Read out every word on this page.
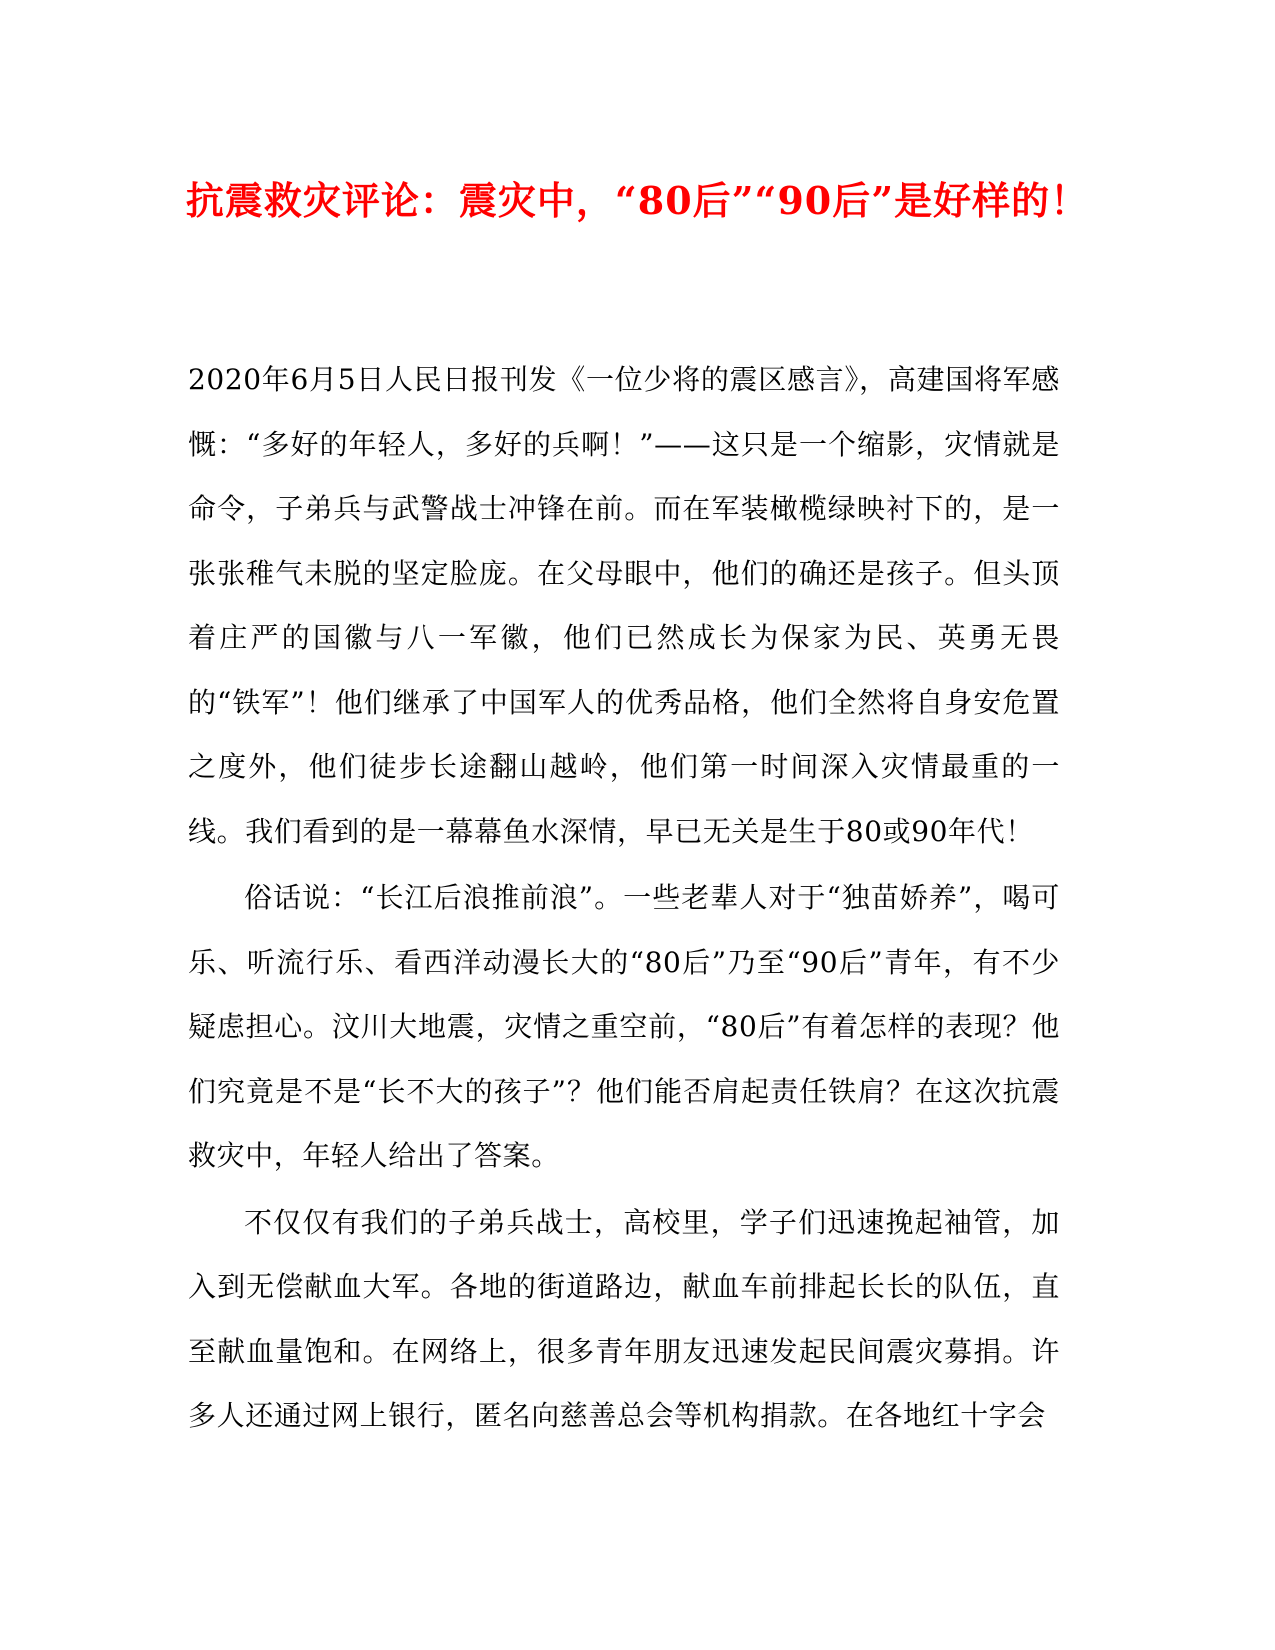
抗震救灾评论：震灾中，“80后”“90后”是好样的！

2020年6月5日人民日报刊发《一位少将的震区感言》，高建国将军感慨：“多好的年轻人，多好的兵啊！”——这只是一个缩影，灾情就是命令，子弟兵与武警战士冲锋在前。而在军装橄榄绿映衬下的，是一张张稚气未脱的坚定脸庞。在父母眼中，他们的确还是孩子。但头顶着庄严的国徽与八一军徽，他们已然成长为保家为民、英勇无畏的“铁军”！他们继承了中国军人的优秀品格，他们全然将自身安危置之度外，他们徒步长途翻山越岭，他们第一时间深入灾情最重的一线。我们看到的是一幕幕鱼水深情，早已无关是生于80或90年代！

俗话说：“长江后浪推前浪”。一些老辈人对于“独苗娇养”，喝可乐、听流行乐、看西洋动漫长大的“80后”乃至“90后”青年，有不少疑虑担心。汶川大地震，灾情之重空前，“80后”有着怎样的表现？他们究竟是不是“长不大的孩子”？他们能否肩起责任铁肩？在这次抗震救灾中，年轻人给出了答案。

不仅仅有我们的子弟兵战士，高校里，学子们迅速挽起袖管，加入到无偿献血大军。各地的街道路边，献血车前排起长长的队伍，直至献血量饱和。在网络上，很多青年朋友迅速发起民间震灾募捐。许多人还通过网上银行，匿名向慈善总会等机构捐款。在各地红十字会
